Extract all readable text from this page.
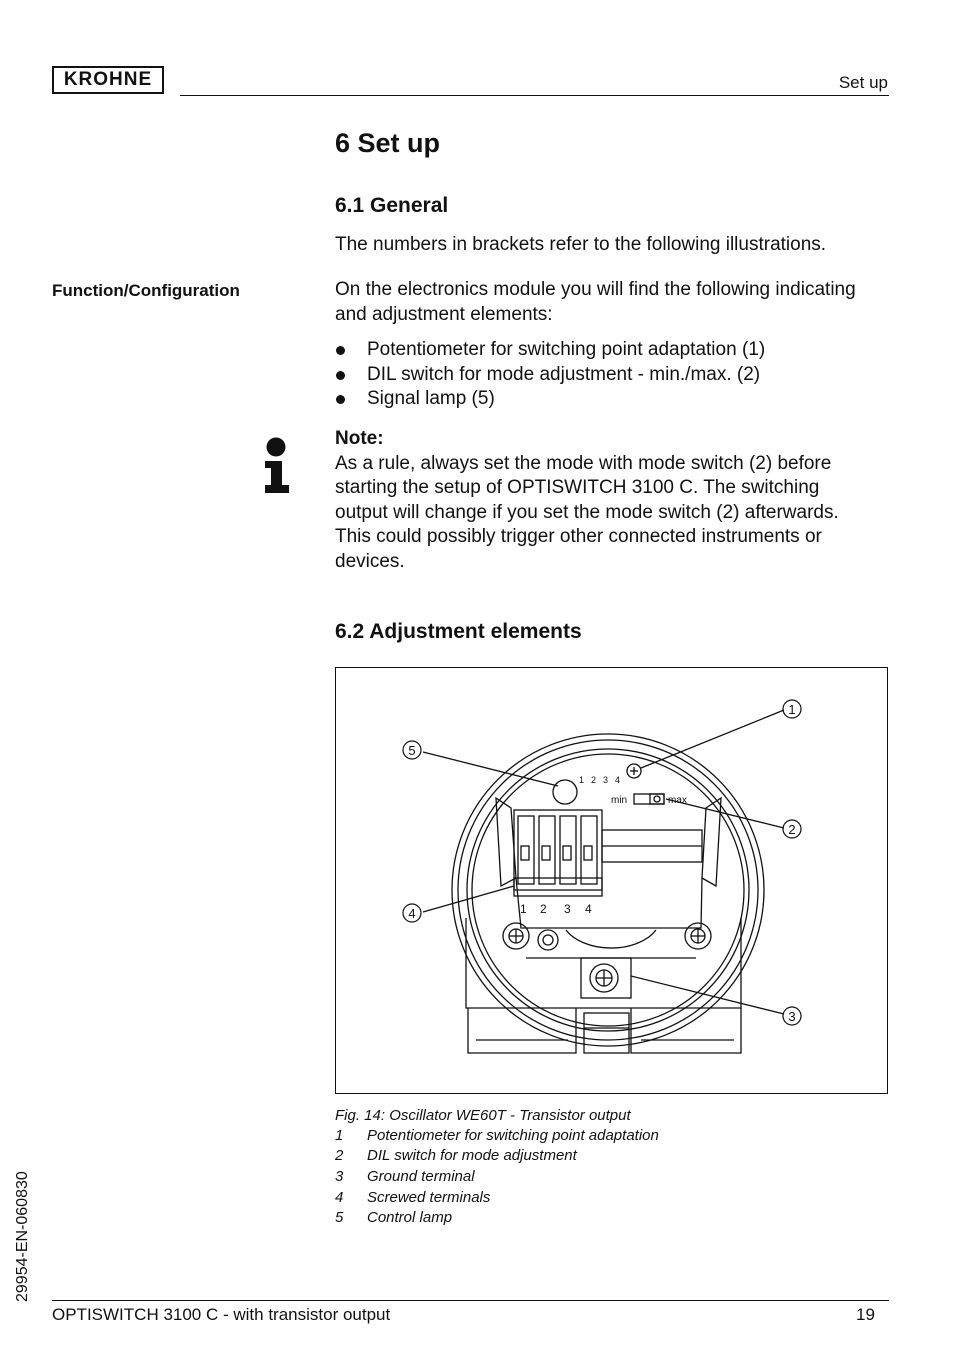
KROHNE	Set up
6 Set up
6.1 General
The numbers in brackets refer to the following illustrations.
Function/Configuration	On the electronics module you will find the following indicating
and adjustment elements:
Potentiometer for switching point adaptation (1)
DIL switch for mode adjustment - min./max. (2)
Signal lamp (5)
Note:
As a rule, always set the mode with mode switch (2) before
starting the setup of OPTISWITCH 3100 C. The switching
output will change if you set the mode switch (2) afterwards.
This could possibly trigger other connected instruments or
devices.
6.2 Adjustment elements
1 2 3 4
min	max
1 2 3 4
1
2
3
4
5
Fig. 14: Oscillator WE60T - Transistor output
1 Potentiometer for switching point adaptation
2 DIL switch for mode adjustment
3 Ground terminal
4 Screwed terminals
5 Control lamp
29954-EN-060830
OPTISWITCH 3100 C - with transistor output	19
